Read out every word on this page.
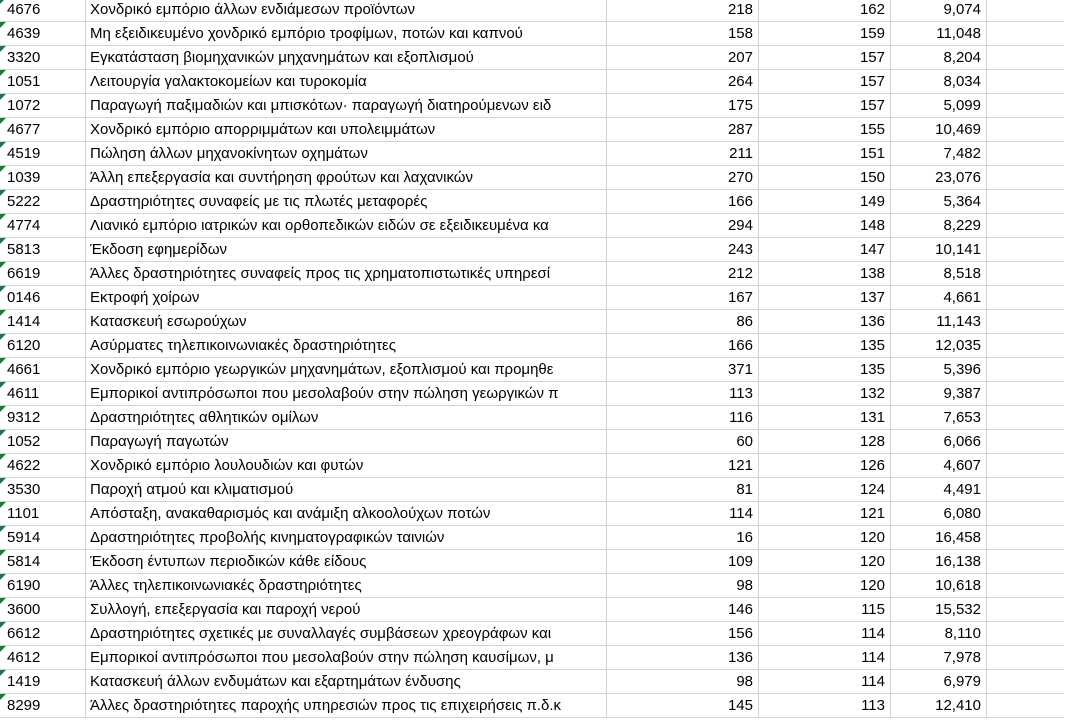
4676	Χονδρικό εμπόριο άλλων ενδιάμεσων προϊόντων	218	162	9,074
4639	Μη εξειδικευμένο χονδρικό εμπόριο τροφίμων, ποτών και καπνού	158	159	11,048
3320	Εγκατάσταση βιομηχανικών μηχανημάτων και εξοπλισμού	207	157	8,204
1051	Λειτουργία γαλακτοκομείων και τυροκομία	264	157	8,034
1072	Παραγωγή παξιμαδιών και μπισκότων· παραγωγή διατηρούμενων ειδ	175	157	5,099
4677	Χονδρικό εμπόριο απορριμμάτων και υπολειμμάτων	287	155	10,469
4519	Πώληση άλλων μηχανοκίνητων οχημάτων	211	151	7,482
1039	Άλλη επεξεργασία και συντήρηση φρούτων και λαχανικών	270	150	23,076
5222	Δραστηριότητες συναφείς με τις πλωτές μεταφορές	166	149	5,364
4774	Λιανικό εμπόριο ιατρικών και ορθοπεδικών ειδών σε εξειδικευμένα κα	294	148	8,229
5813	Έκδοση εφημερίδων	243	147	10,141
6619	Άλλες δραστηριότητες συναφείς προς τις χρηματοπιστωτικές υπηρεσί	212	138	8,518
0146	Εκτροφή χοίρων	167	137	4,661
1414	Κατασκευή εσωρούχων	86	136	11,143
6120	Ασύρματες τηλεπικοινωνιακές δραστηριότητες	166	135	12,035
4661	Χονδρικό εμπόριο γεωργικών μηχανημάτων, εξοπλισμού και προμηθε	371	135	5,396
4611	Εμπορικοί αντιπρόσωποι που μεσολαβούν στην πώληση γεωργικών π	113	132	9,387
9312	Δραστηριότητες αθλητικών ομίλων	116	131	7,653
1052	Παραγωγή παγωτών	60	128	6,066
4622	Χονδρικό εμπόριο λουλουδιών και φυτών	121	126	4,607
3530	Παροχή ατμού και κλιματισμού	81	124	4,491
1101	Απόσταξη, ανακαθαρισμός και ανάμιξη αλκοολούχων ποτών	114	121	6,080
5914	Δραστηριότητες προβολής κινηματογραφικών ταινιών	16	120	16,458
5814	Έκδοση έντυπων περιοδικών κάθε είδους	109	120	16,138
6190	Άλλες τηλεπικοινωνιακές δραστηριότητες	98	120	10,618
3600	Συλλογή, επεξεργασία και παροχή νερού	146	115	15,532
6612	Δραστηριότητες σχετικές με συναλλαγές συμβάσεων χρεογράφων και	156	114	8,110
4612	Εμπορικοί αντιπρόσωποι που μεσολαβούν στην πώληση καυσίμων, μ	136	114	7,978
1419	Κατασκευή άλλων ενδυμάτων και εξαρτημάτων ένδυσης	98	114	6,979
8299	Άλλες δραστηριότητες παροχής υπηρεσιών προς τις επιχειρήσεις π.δ.κ	145	113	12,410
